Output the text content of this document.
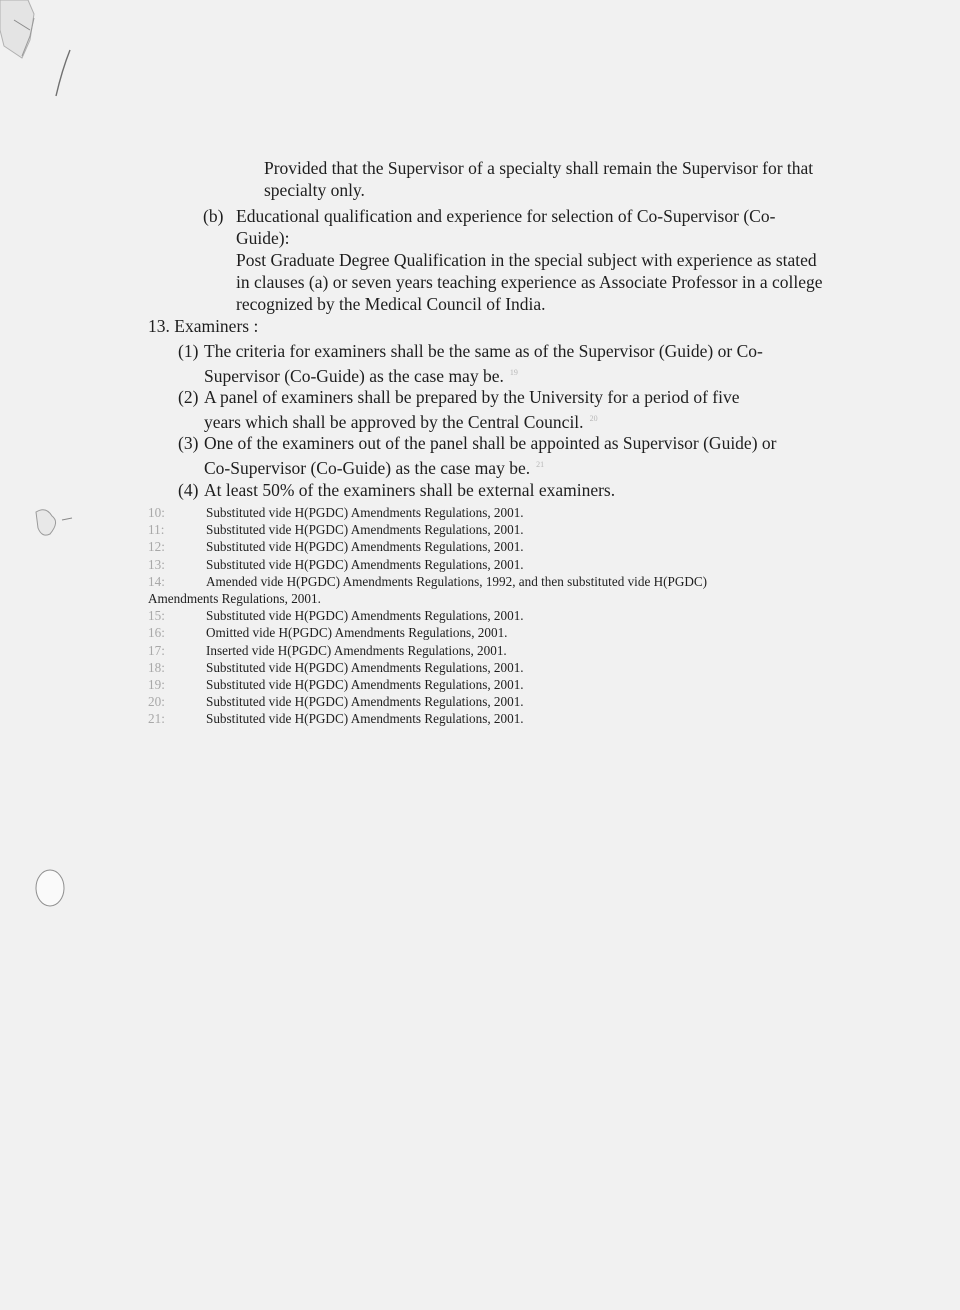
Provided that the Supervisor of a specialty shall remain the Supervisor for that specialty only.
(b) Educational qualification and experience for selection of Co-Supervisor (Co-Guide):
Post Graduate Degree Qualification in the special subject with experience as stated in clauses (a) or seven years teaching experience as Associate Professor in a college recognized by the Medical Council of India.
13. Examiners :
(1) The criteria for examiners shall be the same as of the Supervisor (Guide) or Co-
Supervisor (Co-Guide) as the case may be. $^{19}$
(2) A panel of examiners shall be prepared by the University for a period of five
years which shall be approved by the Central Council. $^{20}$
(3) One of the examiners out of the panel shall be appointed as Supervisor (Guide) or
Co-Supervisor (Co-Guide) as the case may be. $^{21}$
(4) At least 50% of the examiners shall be external examiners.
10:	Substituted vide H(PGDC) Amendments Regulations, 2001.
11:	Substituted vide H(PGDC) Amendments Regulations, 2001.
12:	Substituted vide H(PGDC) Amendments Regulations, 2001.
13:	Substituted vide H(PGDC) Amendments Regulations, 2001.
14:	Amended vide H(PGDC) Amendments Regulations, 1992, and then substituted vide H(PGDC)
Amendments Regulations, 2001.
15:	Substituted vide H(PGDC) Amendments Regulations, 2001.
16:	Omitted vide H(PGDC) Amendments Regulations, 2001.
17:	Inserted vide H(PGDC) Amendments Regulations, 2001.
18:	Substituted vide H(PGDC) Amendments Regulations, 2001.
19:	Substituted vide H(PGDC) Amendments Regulations, 2001.
20:	Substituted vide H(PGDC) Amendments Regulations, 2001.
21:	Substituted vide H(PGDC) Amendments Regulations, 2001.
